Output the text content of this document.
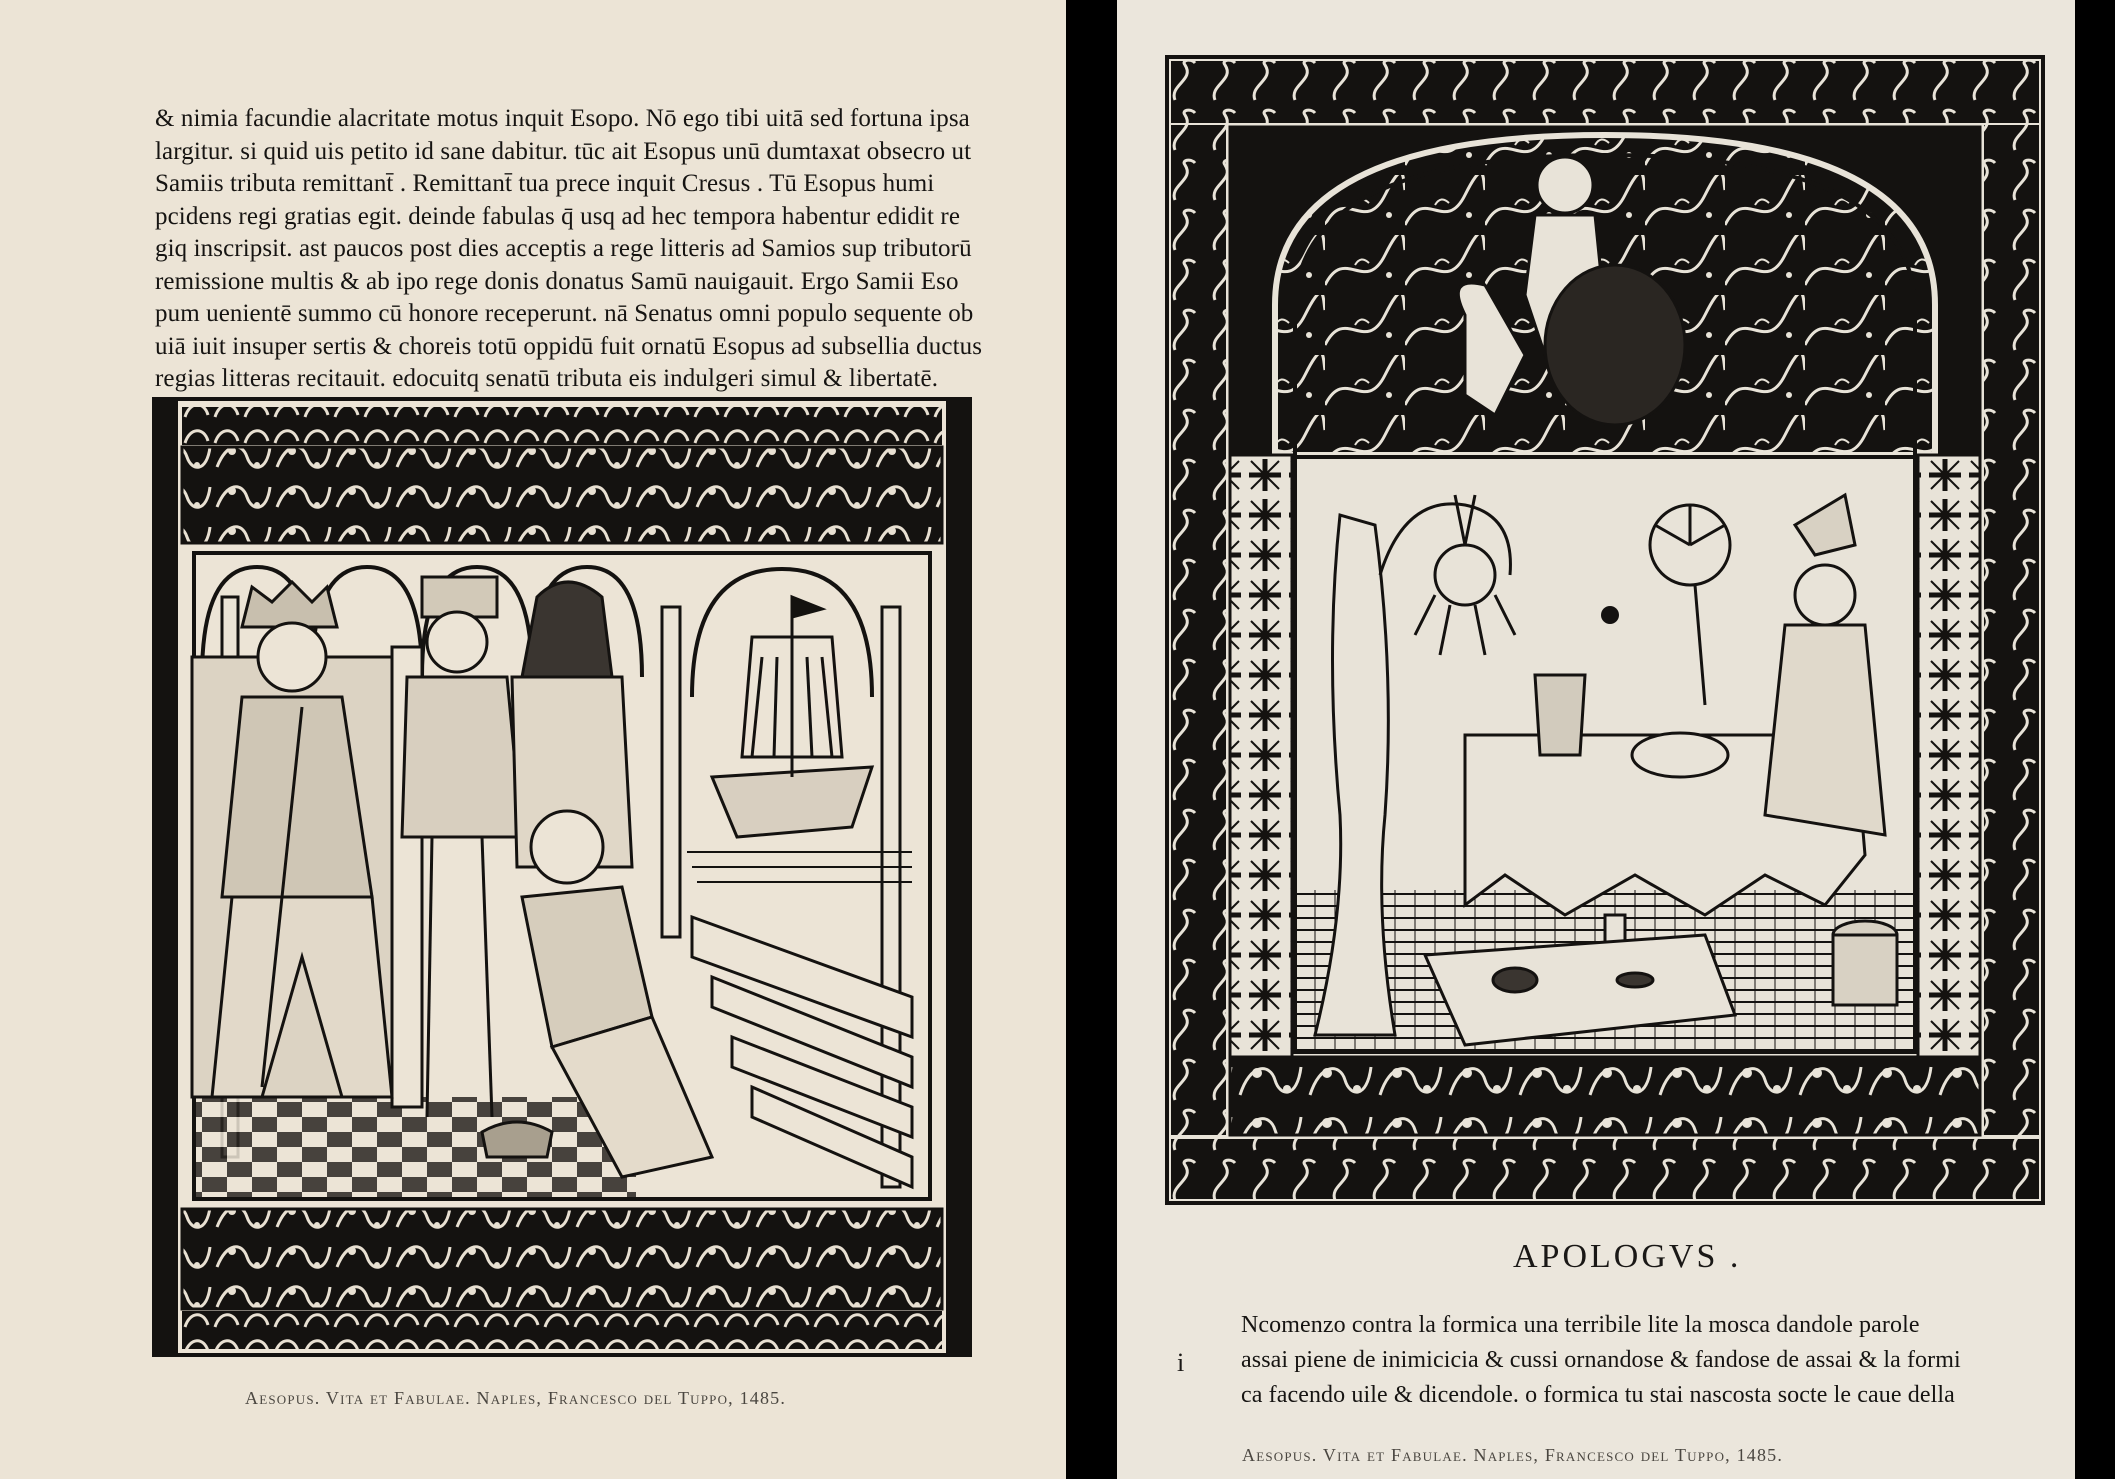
& nimia facundie alacritate motus inquit Esopo. Nō ego tibi uitā sed fortuna ipsa
largitur. si quid uis petito id sane dabitur. tūc ait Esopus unū dumtaxat obsecro ut
Samiis tributa remittant̄ . Remittant̄ tua prece inquit Cresus . Tū Esopus humi
pcidens regi gratias egit. deinde fabulas q̄ usq ad hec tempora habentur edidit re
giq inscripsit. ast paucos post dies acceptis a rege litteris ad Samios sup tributorū
remissione multis & ab ipo rege donis donatus Samū nauigauit. Ergo Samii Eso
pum uenientē summo cū honore receperunt. nā Senatus omni populo sequente ob
uiā iuit insuper sertis & choreis totū oppidū fuit ornatū Esopus ad subsellia ductus
regias litteras recitauit. edocuitq senatū tributa eis indulgeri simul & libertatē.
Aesopus. Vita et Fabulae. Naples, Francesco del Tuppo, 1485.
APOLOGVS .
i
Ncomenzo contra la formica una terribile lite la mosca dandole parole
assai piene de inimicicia & cussi ornandose & fandose de assai & la formi
ca facendo uile & dicendole. o formica tu stai nascosta socte le caue della
Aesopus. Vita et Fabulae. Naples, Francesco del Tuppo, 1485.
